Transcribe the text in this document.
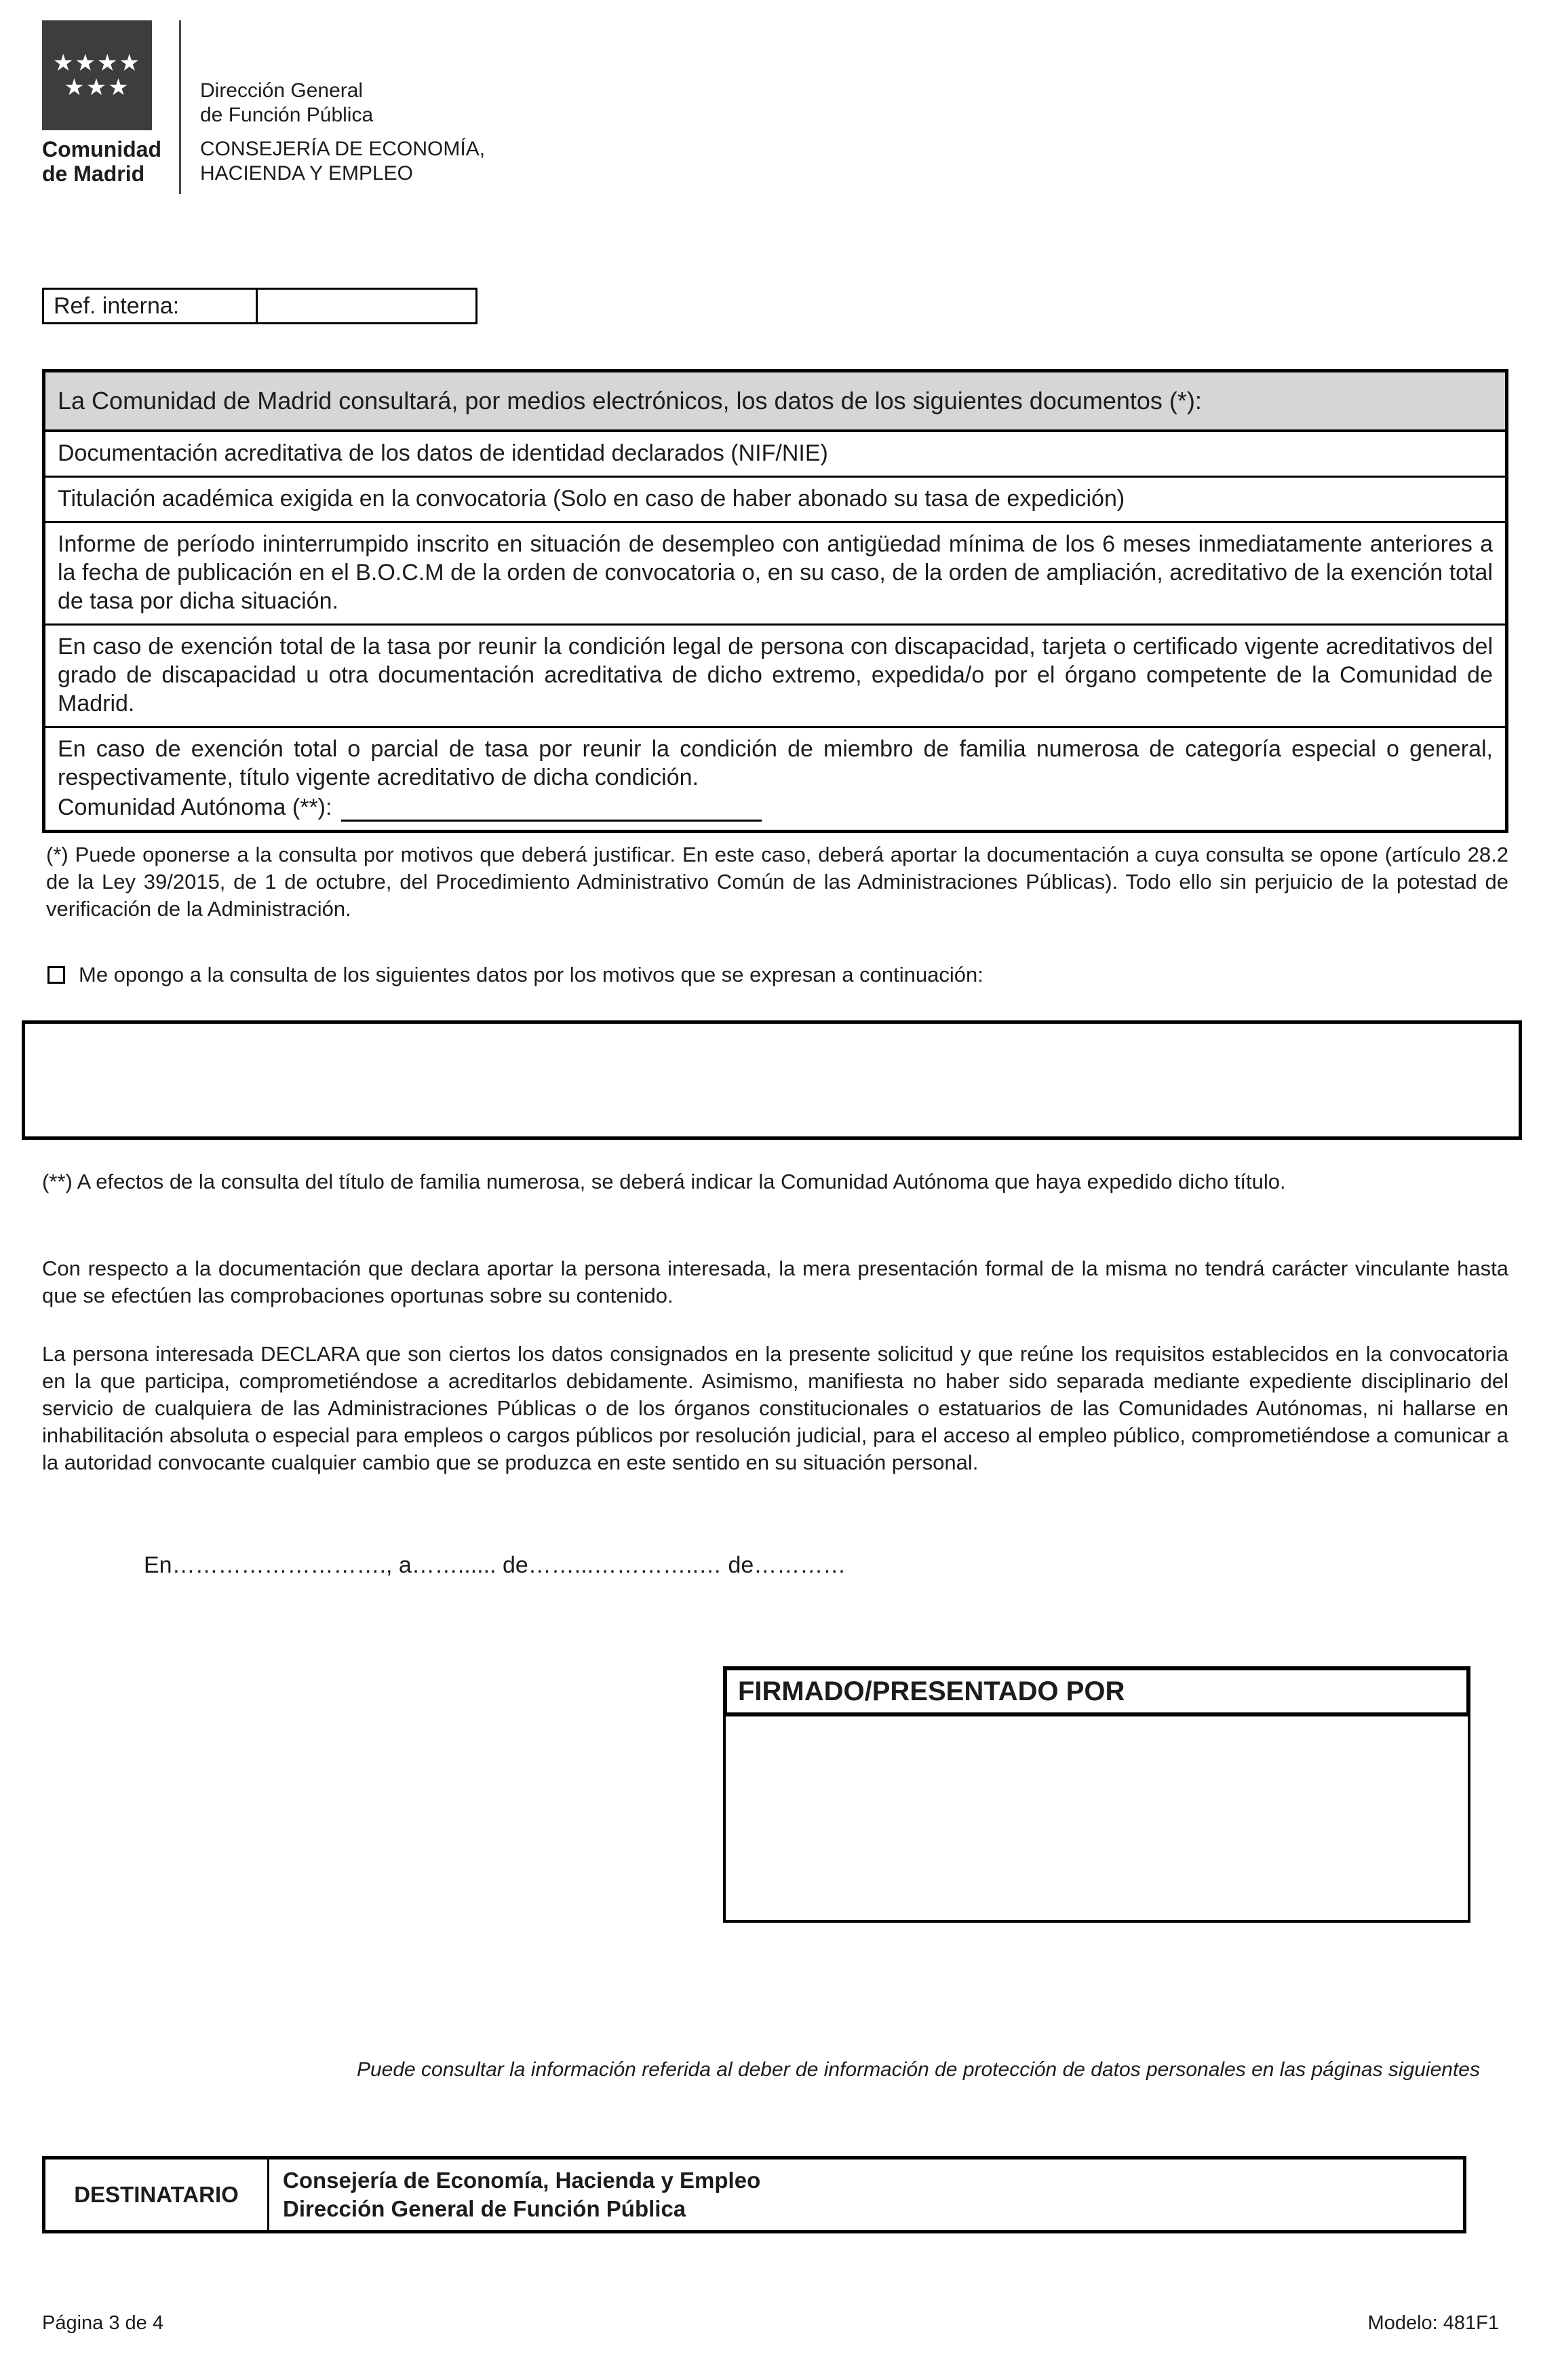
★★★★
★★★
Comunidad
de Madrid
Dirección General
de Función Pública
CONSEJERÍA DE ECONOMÍA,
HACIENDA Y EMPLEO
Ref. interna:
La Comunidad de Madrid consultará, por medios electrónicos, los datos de los siguientes documentos (*):
Documentación acreditativa de los datos de identidad declarados (NIF/NIE)
Titulación académica exigida en la convocatoria (Solo en caso de haber abonado su tasa de expedición)
Informe de período ininterrumpido inscrito en situación de desempleo con antigüedad mínima de los 6 meses inmediatamente anteriores a la fecha de publicación en el B.O.C.M de la orden de convocatoria o, en su caso, de la orden de ampliación, acreditativo de la exención total de tasa por dicha situación.
En caso de exención total de la tasa por reunir la condición legal de persona con discapacidad, tarjeta o certificado vigente acreditativos del grado de discapacidad u otra documentación acreditativa de dicho extremo, expedida/o por el órgano competente de la Comunidad de Madrid.
En caso de exención total o parcial de tasa por reunir la condición de miembro de familia numerosa de categoría especial o general, respectivamente, título vigente acreditativo de dicha condición.
Comunidad Autónoma (**):
(*) Puede oponerse a la consulta por motivos que deberá justificar. En este caso, deberá aportar la documentación a cuya consulta se opone (artículo 28.2 de la Ley 39/2015, de 1 de octubre, del Procedimiento Administrativo Común de las Administraciones Públicas). Todo ello sin perjuicio de la potestad de verificación de la Administración.
Me opongo a la consulta de los siguientes datos por los motivos que se expresan a continuación:
(**) A efectos de la consulta del título de familia numerosa, se deberá indicar la Comunidad Autónoma que haya expedido dicho título.
Con respecto a la documentación que declara aportar la persona interesada, la mera presentación formal de la misma no tendrá carácter vinculante hasta que se efectúen las comprobaciones oportunas sobre su contenido.
La persona interesada DECLARA que son ciertos los datos consignados en la presente solicitud y que reúne los requisitos establecidos en la convocatoria en la que participa, comprometiéndose a acreditarlos debidamente. Asimismo, manifiesta no haber sido separada mediante expediente disciplinario del servicio de cualquiera de las Administraciones Públicas o de los órganos constitucionales o estatuarios de las Comunidades Autónomas, ni hallarse en inhabilitación absoluta o especial para empleos o cargos públicos por resolución judicial, para el acceso al empleo público, comprometiéndose a comunicar a la autoridad convocante cualquier cambio que se produzca en este sentido en su situación personal.
En………………………., a……...... de……...…………..… de…………
FIRMADO/PRESENTADO POR
Puede consultar la información referida al deber de información de protección de datos personales en las páginas siguientes
DESTINATARIO
Consejería de Economía, Hacienda y Empleo
Dirección General de Función Pública
Página 3 de 4	Modelo: 481F1
